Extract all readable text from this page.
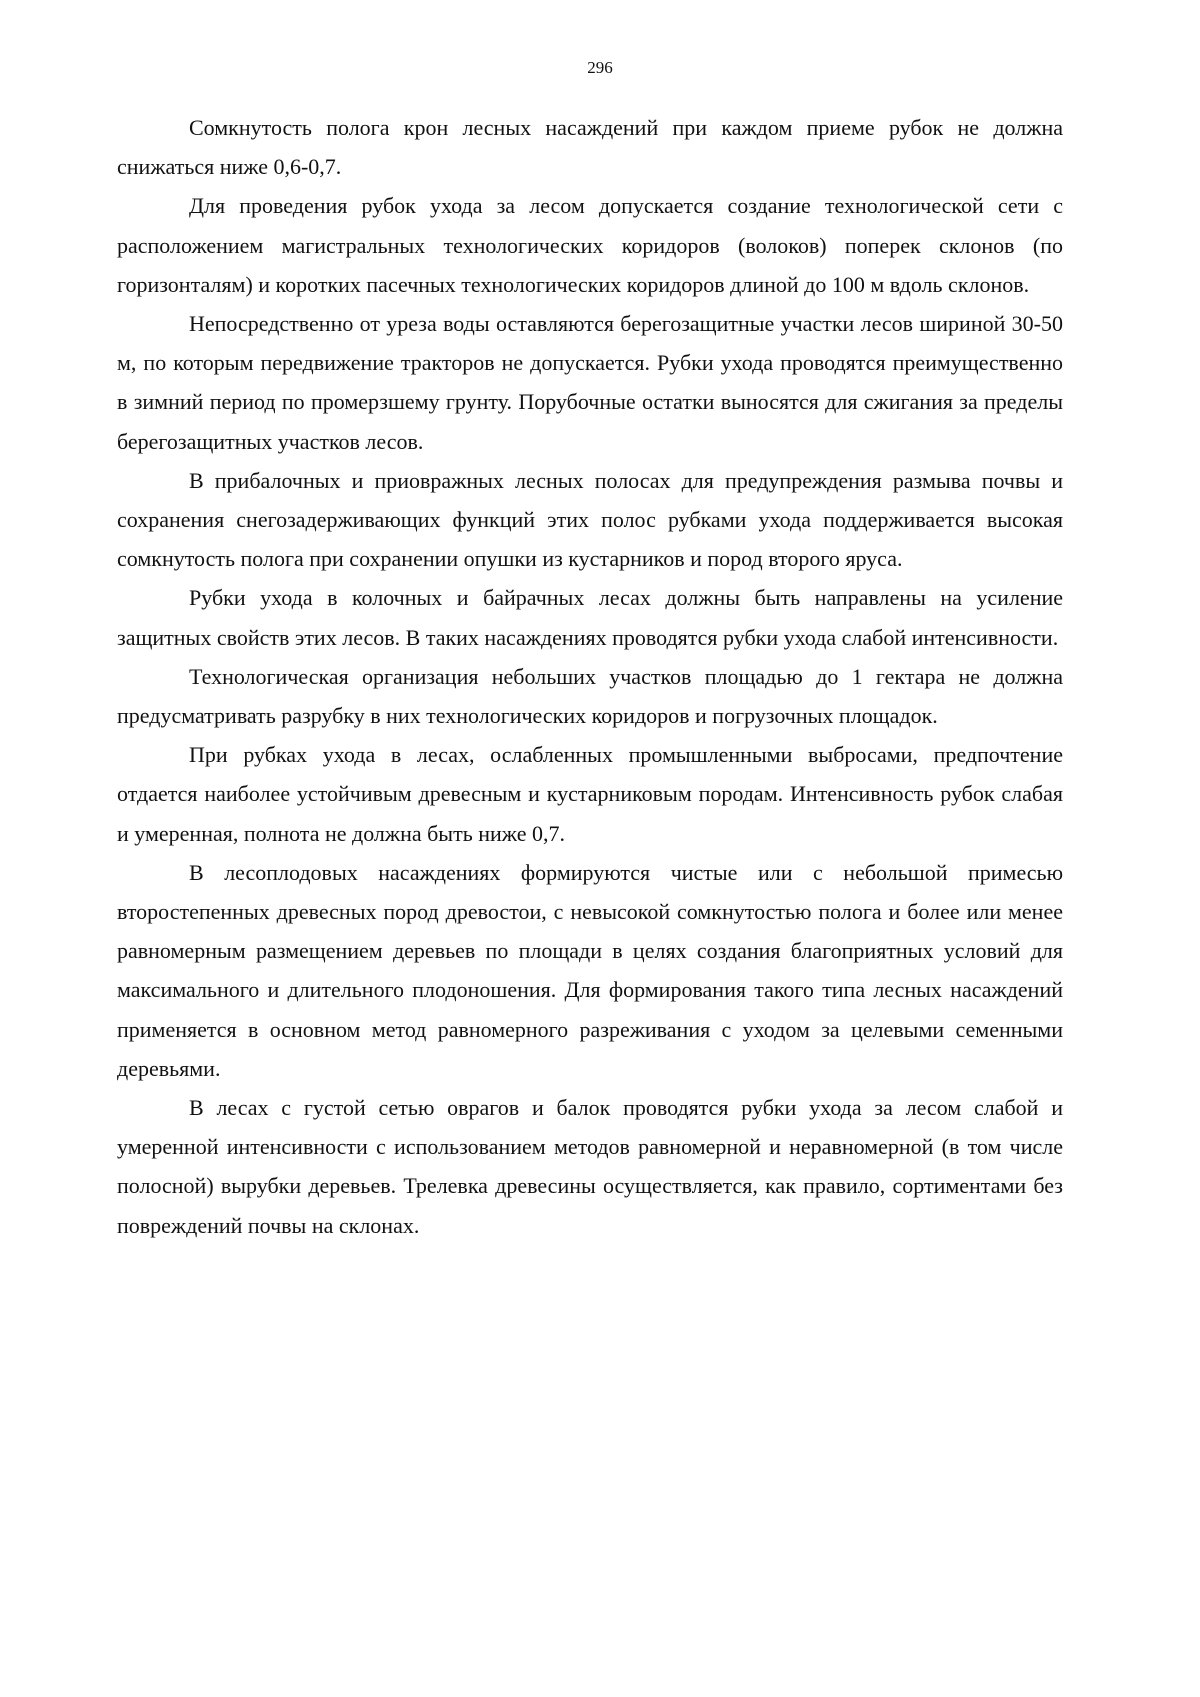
296

Сомкнутость полога крон лесных насаждений при каждом приеме рубок не должна снижаться ниже 0,6-0,7.

Для проведения рубок ухода за лесом допускается создание технологической сети с расположением магистральных технологических коридоров (волоков) поперек склонов (по горизонталям) и коротких пасечных технологических коридоров длиной до 100 м вдоль склонов.

Непосредственно от уреза воды оставляются берегозащитные участки лесов шириной 30-50 м, по которым передвижение тракторов не допускается. Рубки ухода проводятся преимущественно в зимний период по промерзшему грунту. Порубочные остатки выносятся для сжигания за пределы берегозащитных участков лесов.

В прибалочных и приовражных лесных полосах для предупреждения размыва почвы и сохранения снегозадерживающих функций этих полос рубками ухода поддерживается высокая сомкнутость полога при сохранении опушки из кустарников и пород второго яруса.

Рубки ухода в колочных и байрачных лесах должны быть направлены на усиление защитных свойств этих лесов. В таких насаждениях проводятся рубки ухода слабой интенсивности.

Технологическая организация небольших участков площадью до 1 гектара не должна предусматривать разрубку в них технологических коридоров и погрузочных площадок.

При рубках ухода в лесах, ослабленных промышленными выбросами, предпочтение отдается наиболее устойчивым древесным и кустарниковым породам. Интенсивность рубок слабая и умеренная, полнота не должна быть ниже 0,7.

В лесоплодовых насаждениях формируются чистые или с небольшой примесью второстепенных древесных пород древостои, с невысокой сомкнутостью полога и более или менее равномерным размещением деревьев по площади в целях создания благоприятных условий для максимального и длительного плодоношения. Для формирования такого типа лесных насаждений применяется в основном метод равномерного разреживания с уходом за целевыми семенными деревьями.

В лесах с густой сетью оврагов и балок проводятся рубки ухода за лесом слабой и умеренной интенсивности с использованием методов равномерной и неравномерной (в том числе полосной) вырубки деревьев. Трелевка древесины осуществляется, как правило, сортиментами без повреждений почвы на склонах.
